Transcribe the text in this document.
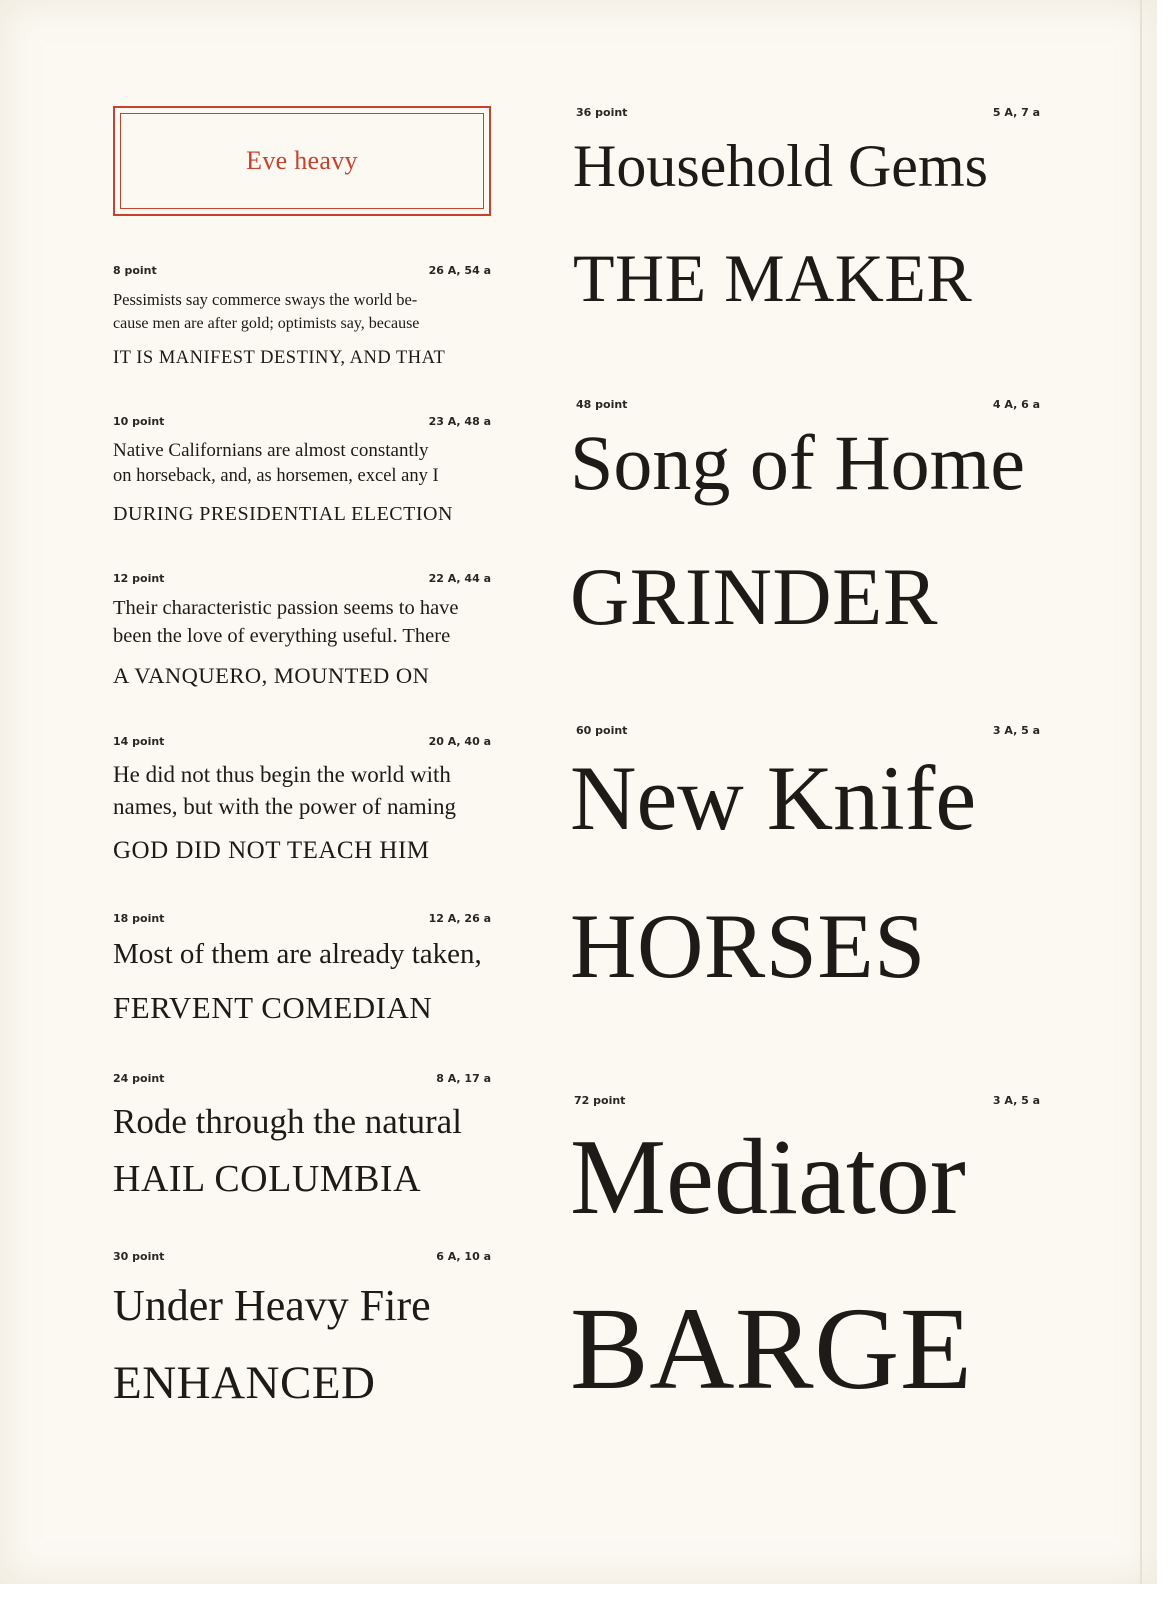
Eve heavy
8 point	26 A, 54 a
Pessimists say commerce sways the world be-
cause men are after gold; optimists say, because
IT IS MANIFEST DESTINY, AND THAT
10 point	23 A, 48 a
Native Californians are almost constantly
on horseback, and, as horsemen, excel any I
DURING PRESIDENTIAL ELECTION
12 point	22 A, 44 a
Their characteristic passion seems to have
been the love of everything useful. There
A VANQUERO, MOUNTED ON
14 point	20 A, 40 a
He did not thus begin the world with
names, but with the power of naming
GOD DID NOT TEACH HIM
18 point	12 A, 26 a
Most of them are already taken,
FERVENT COMEDIAN
24 point	8 A, 17 a
Rode through the natural
HAIL COLUMBIA
30 point	6 A, 10 a
Under Heavy Fire
ENHANCED
36 point	5 A, 7 a
Household Gems
THE MAKER
48 point	4 A, 6 a
Song of Home
GRINDER
60 point	3 A, 5 a
New Knife
HORSES
72 point	3 A, 5 a
Mediator
BARGE
